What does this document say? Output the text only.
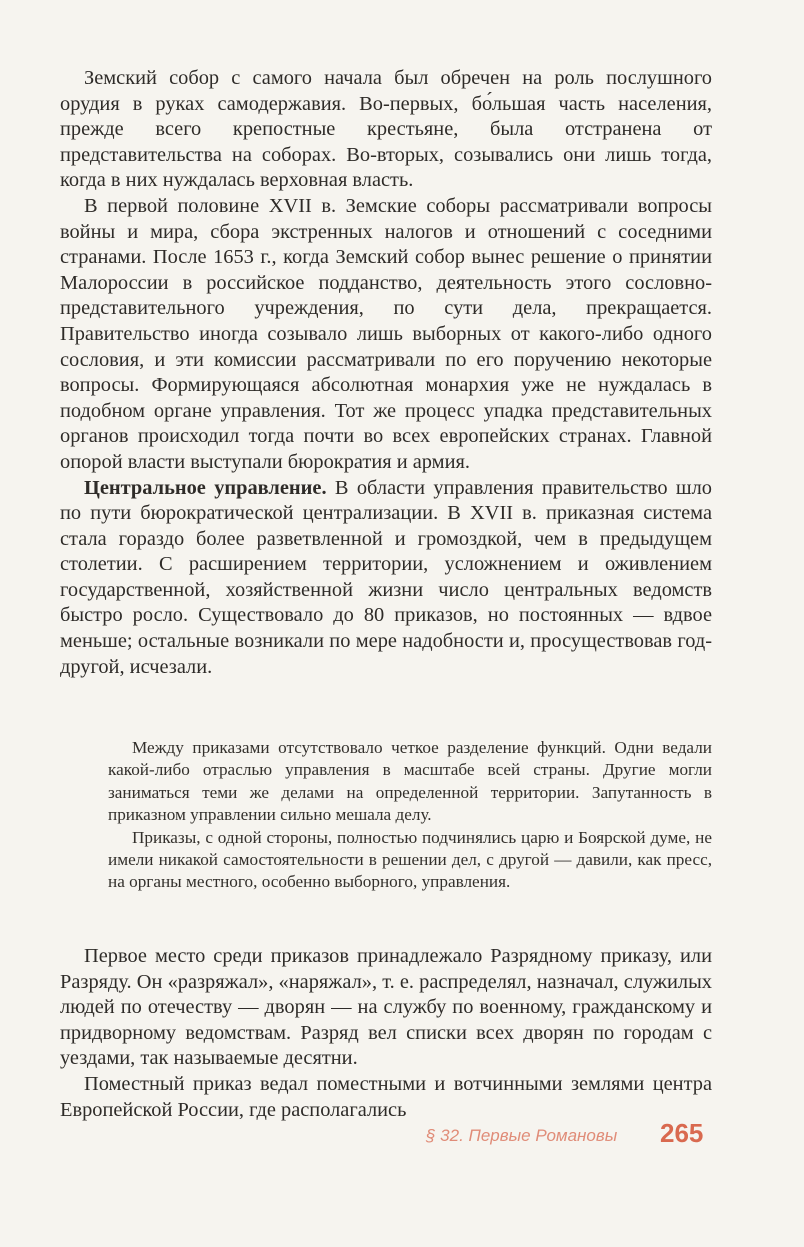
Земский собор с самого начала был обречен на роль послушного орудия в руках самодержавия. Во-первых, бо́льшая часть населения, прежде всего крепостные крестьяне, была отстранена от представительства на соборах. Во-вторых, созывались они лишь тогда, когда в них нуждалась верховная власть.

В первой половине XVII в. Земские соборы рассматривали вопросы войны и мира, сбора экстренных налогов и отношений с соседними странами. После 1653 г., когда Земский собор вынес решение о принятии Малороссии в российское подданство, деятельность этого сословно-представительного учреждения, по сути дела, прекращается. Правительство иногда созывало лишь выборных от какого-либо одного сословия, и эти комиссии рассматривали по его поручению некоторые вопросы. Формирующаяся абсолютная монархия уже не нуждалась в подобном органе управления. Тот же процесс упадка представительных органов происходил тогда почти во всех европейских странах. Главной опорой власти выступали бюрократия и армия.

Центральное управление. В области управления правительство шло по пути бюрократической централизации. В XVII в. приказная система стала гораздо более разветвленной и громоздкой, чем в предыдущем столетии. С расширением территории, усложнением и оживлением государственной, хозяйственной жизни число центральных ведомств быстро росло. Существовало до 80 приказов, но постоянных — вдвое меньше; остальные возникали по мере надобности и, просуществовав год-другой, исчезали.

Между приказами отсутствовало четкое разделение функций. Одни ведали какой-либо отраслью управления в масштабе всей страны. Другие могли заниматься теми же делами на определенной территории. Запутанность в приказном управлении сильно мешала делу.

Приказы, с одной стороны, полностью подчинялись царю и Боярской думе, не имели никакой самостоятельности в решении дел, с другой — давили, как пресс, на органы местного, особенно выборного, управления.

Первое место среди приказов принадлежало Разрядному приказу, или Разряду. Он «разряжал», «наряжал», т. е. распределял, назначал, служилых людей по отечеству — дворян — на службу по военному, гражданскому и придворному ведомствам. Разряд вел списки всех дворян по городам с уездами, так называемые десятни.

Поместный приказ ведал поместными и вотчинными землями центра Европейской России, где располагались

§ 32. Первые Романовы 265
